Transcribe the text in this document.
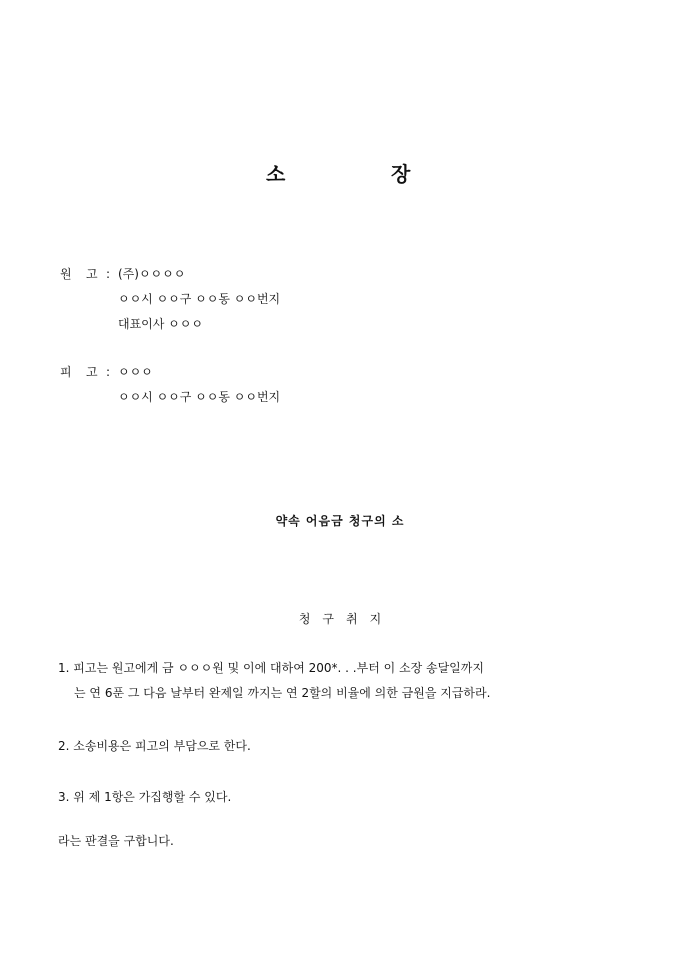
소	장
원 고 : (주)ㅇㅇㅇㅇ
ㅇㅇ시 ㅇㅇ구 ㅇㅇ동 ㅇㅇ번지
대표이사 ㅇㅇㅇ
피 고 : ㅇㅇㅇ
ㅇㅇ시 ㅇㅇ구 ㅇㅇ동 ㅇㅇ번지
약속 어음금 청구의 소
청구취지
1. 피고는 원고에게 금 ㅇㅇㅇ원 및 이에 대하여 200*. . .부터 이 소장 송달일까지
는 연 6푼 그 다음 날부터 완제일 까지는 연 2할의 비율에 의한 금원을 지급하라.
2. 소송비용은 피고의 부담으로 한다.
3. 위 제 1항은 가집행할 수 있다.
라는 판결을 구합니다.
